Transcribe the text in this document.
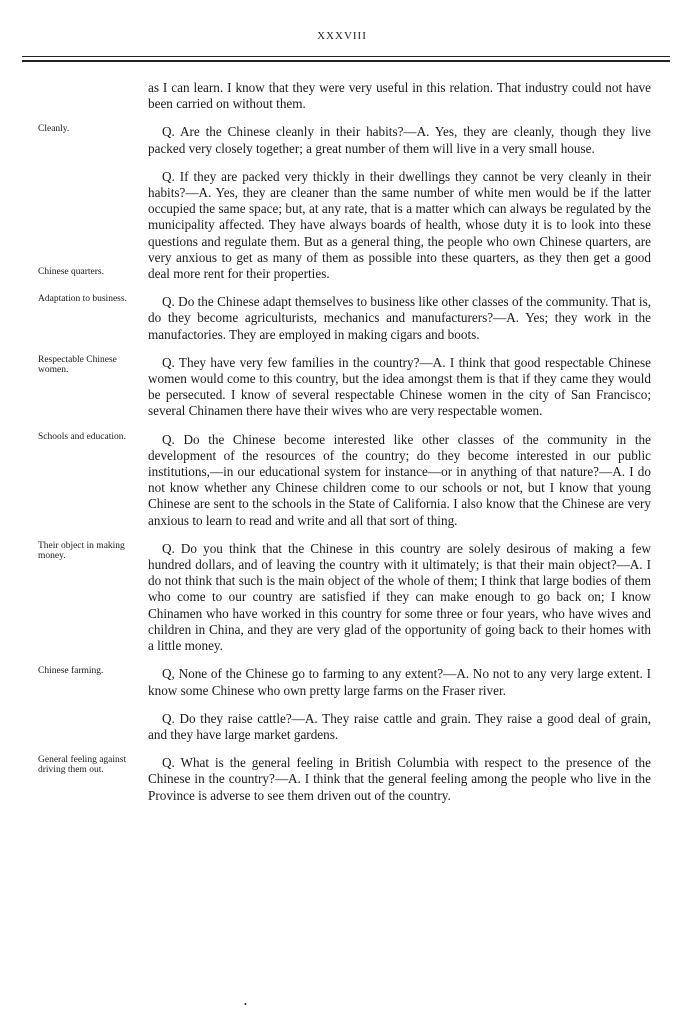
XXXVIII
as I can learn. I know that they were very useful in this relation. That industry could not have been carried on without them.
Cleanly.	Q. Are the Chinese cleanly in their habits?—A. Yes, they are cleanly, though they live packed very closely together; a great number of them will live in a very small house.
Chinese quarters.
Q. If they are packed very thickly in their dwellings they cannot be very cleanly in their habits?—A. Yes, they are cleaner than the same number of white men would be if the latter occupied the same space; but, at any rate, that is a matter which can always be regulated by the municipality affected. They have always boards of health, whose duty it is to look into these questions and regulate them. But as a general thing, the people who own Chinese quarters, are very anxious to get as many of them as possible into these quarters, as they then get a good deal more rent for their properties.
Adaptation to business.	Q. Do the Chinese adapt themselves to business like other classes of the community. That is, do they become agriculturists, mechanics and manufacturers?—A. Yes; they work in the manufactories. They are employed in making cigars and boots.
Respectable Chinese women.	Q. They have very few families in the country?—A. I think that good respectable Chinese women would come to this country, but the idea amongst them is that if they came they would be persecuted. I know of several respectable Chinese women in the city of San Francisco; several Chinamen there have their wives who are very respectable women.
Schools and education.	Q. Do the Chinese become interested like other classes of the community in the development of the resources of the country; do they become interested in our public institutions,—in our educational system for instance—or in anything of that nature?—A. I do not know whether any Chinese children come to our schools or not, but I know that young Chinese are sent to the schools in the State of California. I also know that the Chinese are very anxious to learn to read and write and all that sort of thing.
Their object in making money.	Q. Do you think that the Chinese in this country are solely desirous of making a few hundred dollars, and of leaving the country with it ultimately; is that their main object?—A. I do not think that such is the main object of the whole of them; I think that large bodies of them who come to our country are satisfied if they can make enough to go back on; I know Chinamen who have worked in this country for some three or four years, who have wives and children in China, and they are very glad of the opportunity of going back to their homes with a little money.
Chinese farming.	Q, None of the Chinese go to farming to any extent?—A. No not to any very large extent. I know some Chinese who own pretty large farms on the Fraser river.
Q. Do they raise cattle?—A. They raise cattle and grain. They raise a good deal of grain, and they have large market gardens.
General feeling against driving them out.	Q. What is the general feeling in British Columbia with respect to the presence of the Chinese in the country?—A. I think that the general feeling among the people who live in the Province is adverse to see them driven out of the country.
•
